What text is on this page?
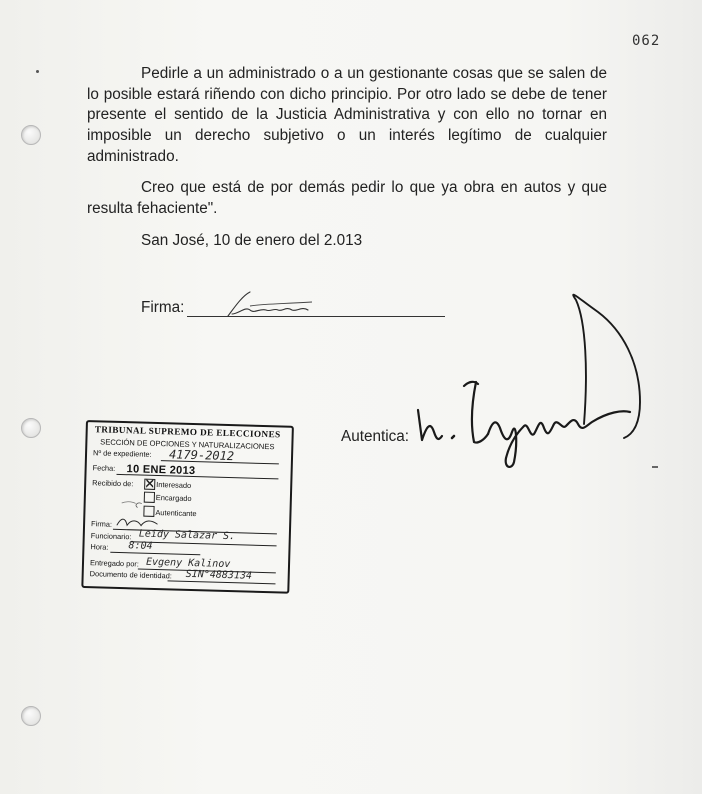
062

Pedirle a un administrado o a un gestionante cosas que se salen de lo posible estará riñendo con dicho principio. Por otro lado se debe de tener presente el sentido de la Justicia Administrativa y con ello no tornar en imposible un derecho subjetivo o un interés legítimo de cualquier administrado.

Creo que está de por demás pedir lo que ya obra en autos y que resulta fehaciente".

San José, 10 de enero del 2.013

Firma:
Autentica:
TRIBUNAL SUPREMO DE ELECCIONES
SECCIÓN DE OPCIONES Y NATURALIZACIONES
Nº de expediente: 4179-2012
Fecha: 10 ENE 2013
Recibido de:	Interesado
Encargado
Autenticante
Firma:
Funcionario: Leidy Salazar S.
Hora: 8:04
Entregado por: Evgeny Kalinov
Documento de identidad: SIN°4883134
